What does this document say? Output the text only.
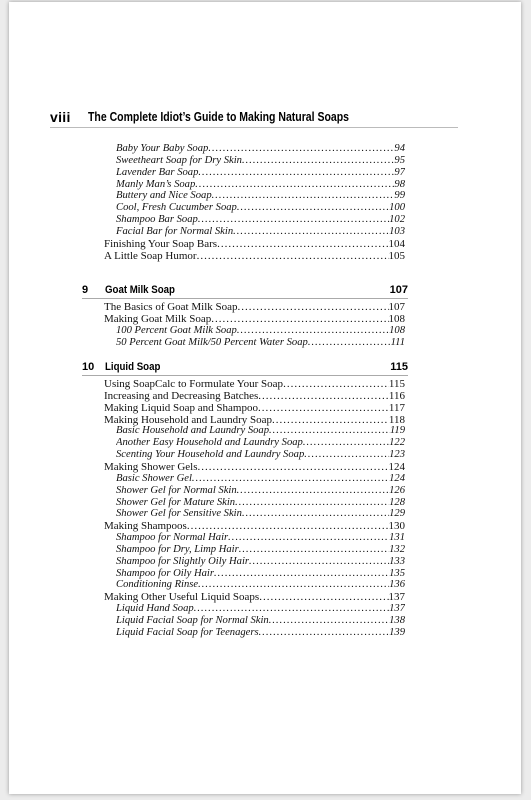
viii The Complete Idiot’s Guide to Making Natural Soaps
9 Goat Milk Soap	107
10 Liquid Soap	115
Baby Your Baby Soap .....	94
Sweetheart Soap for Dry Skin .....	95
Lavender Bar Soap .....	97
Manly Man’s Soap .....	98
Buttery and Nice Soap .....	99
Cool, Fresh Cucumber Soap .....	100
Shampoo Bar Soap .....	102
Facial Bar for Normal Skin .....	103
Finishing Your Soap Bars .....	104
A Little Soap Humor .....	105
The Basics of Goat Milk Soap .....	107
Making Goat Milk Soap .....	108
100 Percent Goat Milk Soap .....	108
50 Percent Goat Milk/50 Percent Water Soap .....	111
Using SoapCalc to Formulate Your Soap .....	115
Increasing and Decreasing Batches .....	116
Making Liquid Soap and Shampoo .....	117
Making Household and Laundry Soap .....	118
Basic Household and Laundry Soap .....	119
Another Easy Household and Laundry Soap .....	122
Scenting Your Household and Laundry Soap .....	123
Making Shower Gels .....	124
Basic Shower Gel .....	124
Shower Gel for Normal Skin .....	126
Shower Gel for Mature Skin .....	128
Shower Gel for Sensitive Skin .....	129
Making Shampoos .....	130
Shampoo for Normal Hair .....	131
Shampoo for Dry, Limp Hair .....	132
Shampoo for Slightly Oily Hair .....	133
Shampoo for Oily Hair .....	135
Conditioning Rinse .....	136
Making Other Useful Liquid Soaps .....	137
Liquid Hand Soap .....	137
Liquid Facial Soap for Normal Skin .....	138
Liquid Facial Soap for Teenagers .....	139
